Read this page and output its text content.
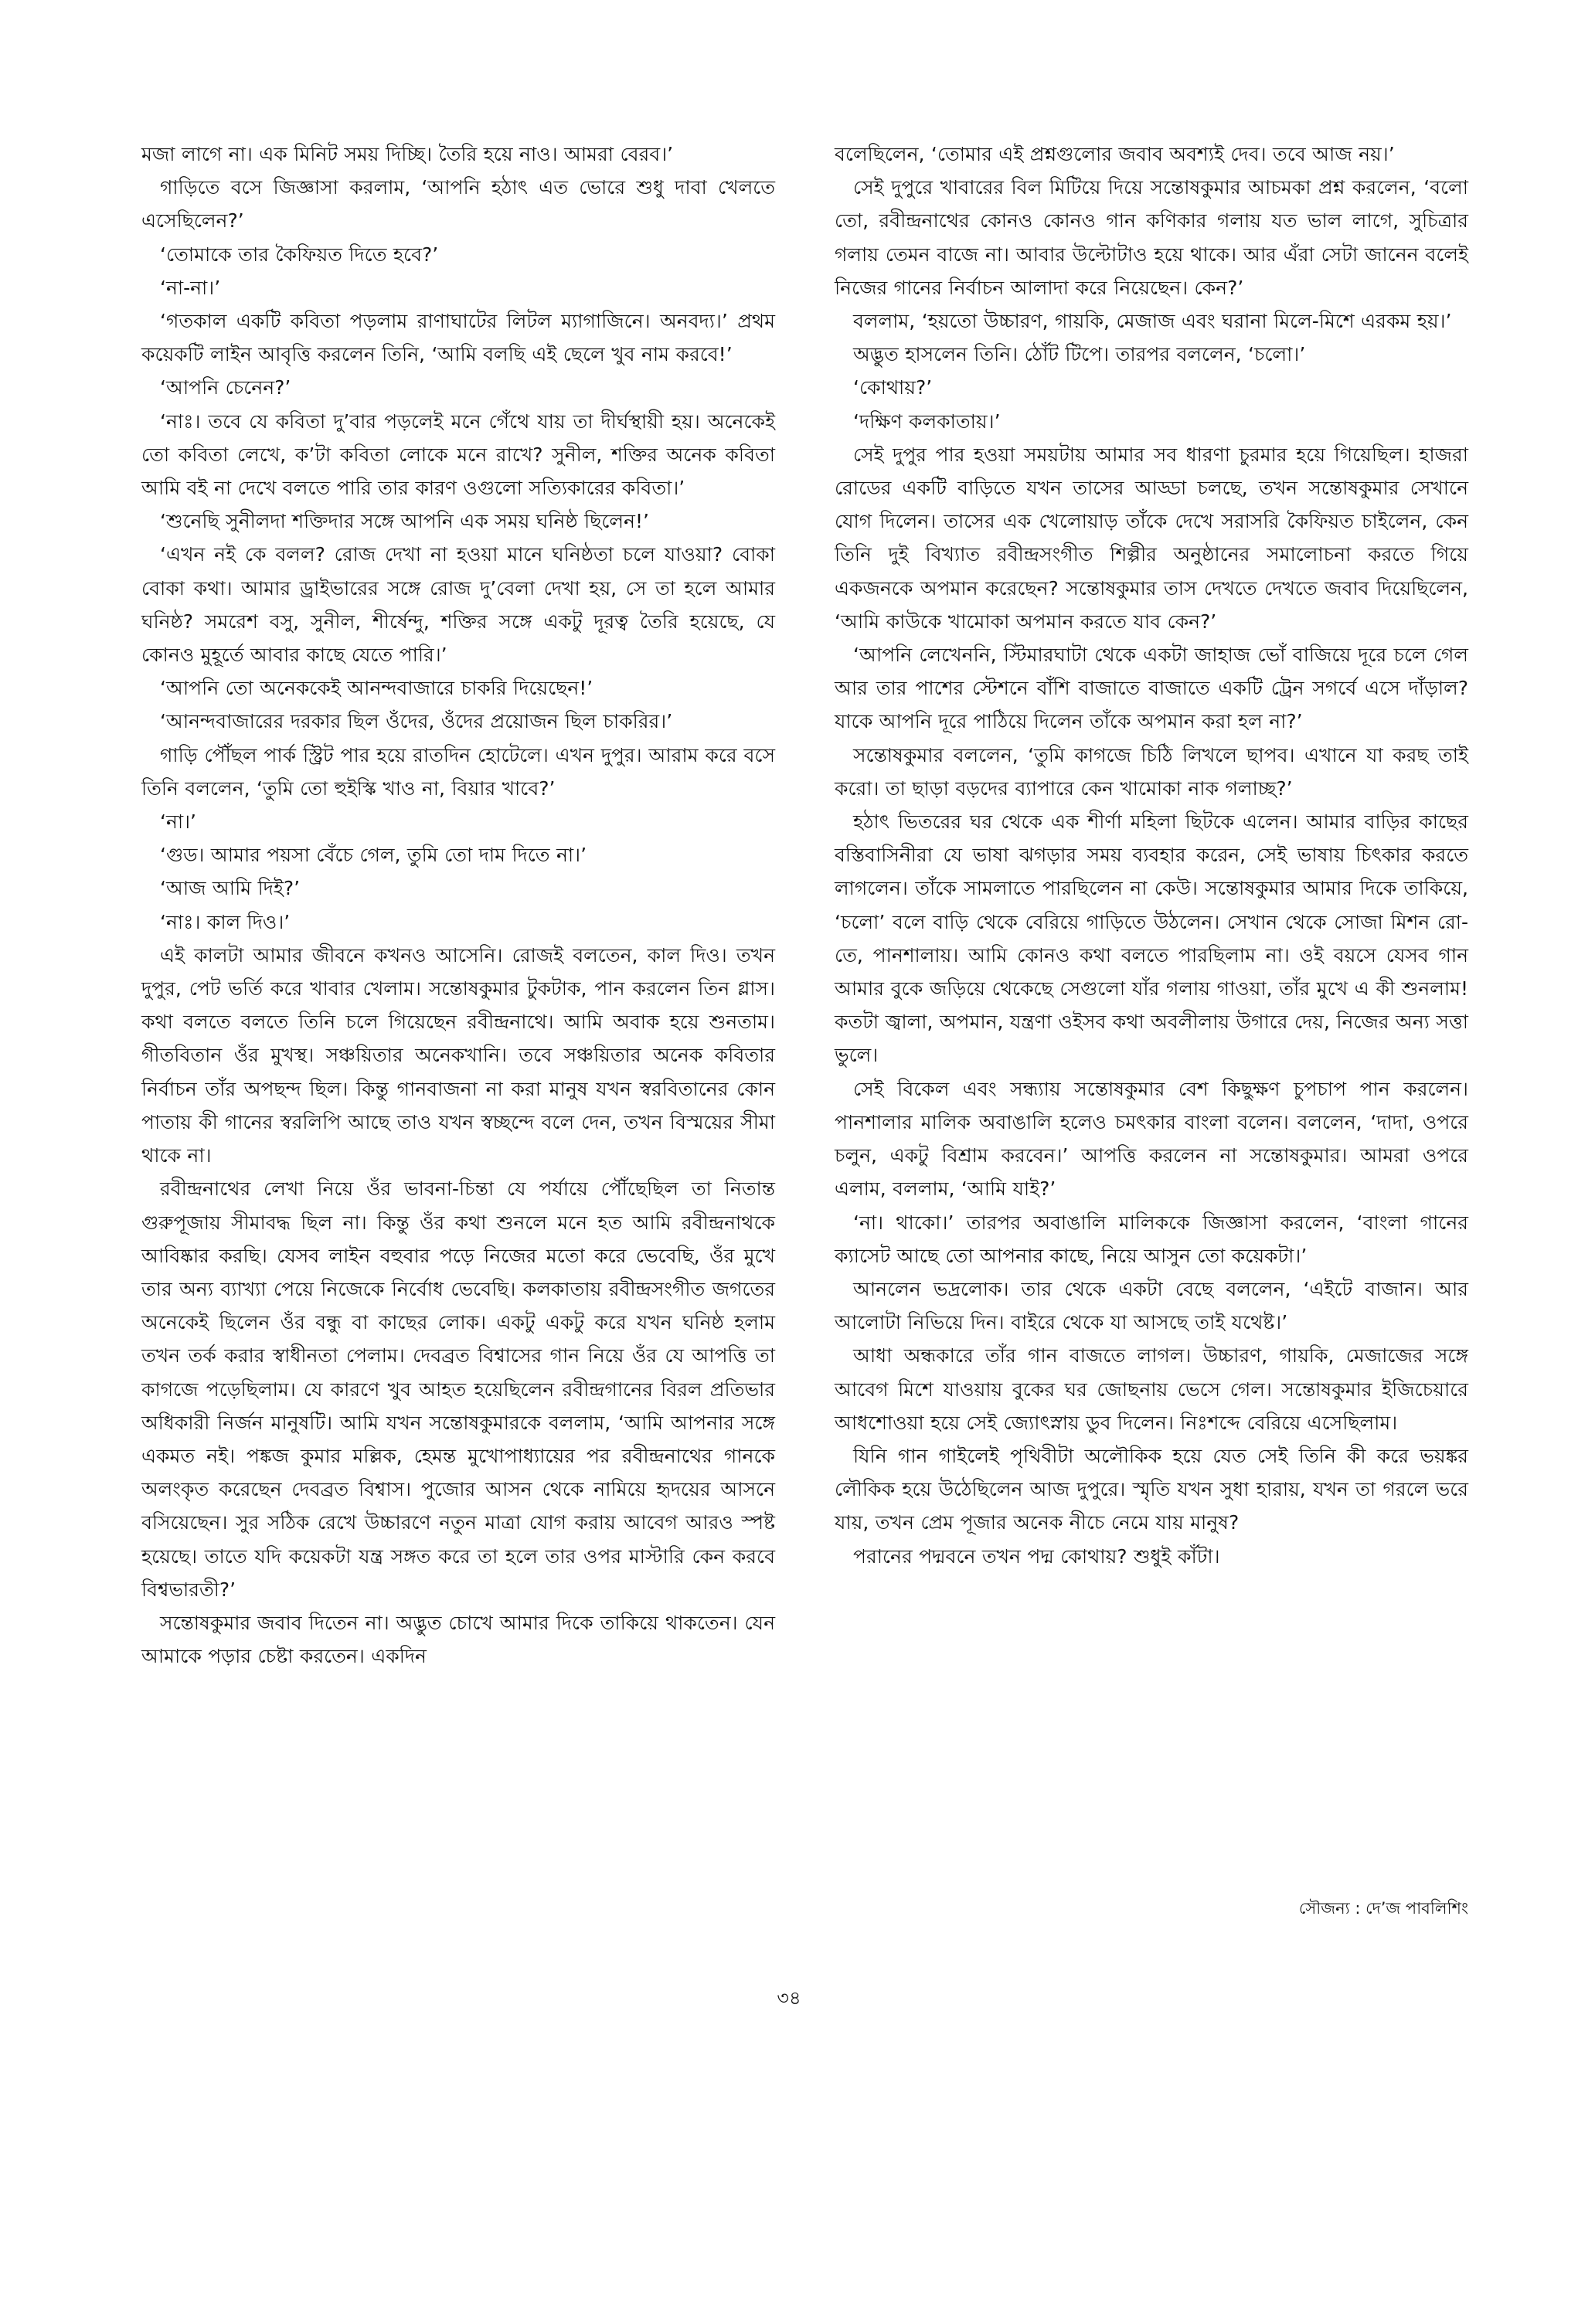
মজা লাগে না। এক মিনিট সময় দিচ্ছি। তৈরি হয়ে নাও। আমরা বেরব।’

গাড়িতে বসে জিজ্ঞাসা করলাম, ‘আপনি হঠাৎ এত ভোরে শুধু দাবা খেলতে এসেছিলেন?’

‘তোমাকে তার কৈফিয়ত দিতে হবে?’

‘না-না।’

‘গতকাল একটি কবিতা পড়লাম রাণাঘাটের লিটল ম্যাগাজিনে। অনবদ্য।’ প্রথম কয়েকটি লাইন আবৃত্তি করলেন তিনি, ‘আমি বলছি এই ছেলে খুব নাম করবে!’

‘আপনি চেনেন?’

‘নাঃ। তবে যে কবিতা দু’বার পড়লেই মনে গেঁথে যায় তা দীর্ঘস্থায়ী হয়। অনেকেই তো কবিতা লেখে, ক’টা কবিতা লোকে মনে রাখে? সুনীল, শক্তির অনেক কবিতা আমি বই না দেখে বলতে পারি তার কারণ ওগুলো সত্যিকারের কবিতা।’

‘শুনেছি সুনীলদা শক্তিদার সঙ্গে আপনি এক সময় ঘনিষ্ঠ ছিলেন!’

‘এখন নই কে বলল? রোজ দেখা না হওয়া মানে ঘনিষ্ঠতা চলে যাওয়া? বোকা বোকা কথা। আমার ড্রাইভারের সঙ্গে রোজ দু’বেলা দেখা হয়, সে তা হলে আমার ঘনিষ্ঠ? সমরেশ বসু, সুনীল, শীর্ষেন্দু, শক্তির সঙ্গে একটু দূরত্ব তৈরি হয়েছে, যে কোনও মুহূর্তে আবার কাছে যেতে পারি।’

‘আপনি তো অনেককেই আনন্দবাজারে চাকরি দিয়েছেন!’

‘আনন্দবাজারের দরকার ছিল ওঁদের, ওঁদের প্রয়োজন ছিল চাকরির।’

গাড়ি পৌঁছল পার্ক স্ট্রিট পার হয়ে রাতদিন হোটেলে। এখন দুপুর। আরাম করে বসে তিনি বললেন, ‘তুমি তো হুইস্কি খাও না, বিয়ার খাবে?’

‘না।’

‘গুড। আমার পয়সা বেঁচে গেল, তুমি তো দাম দিতে না।’

‘আজ আমি দিই?’

‘নাঃ। কাল দিও।’

এই কালটা আমার জীবনে কখনও আসেনি। রোজই বলতেন, কাল দিও। তখন দুপুর, পেট ভর্তি করে খাবার খেলাম। সন্তোষকুমার টুকটাক, পান করলেন তিন গ্লাস। কথা বলতে বলতে তিনি চলে গিয়েছেন রবীন্দ্রনাথে। আমি অবাক হয়ে শুনতাম। গীতবিতান ওঁর মুখস্থ। সঞ্চয়িতার অনেকখানি। তবে সঞ্চয়িতার অনেক কবিতার নির্বাচন তাঁর অপছন্দ ছিল। কিন্তু গানবাজনা না করা মানুষ যখন স্বরবিতানের কোন পাতায় কী গানের স্বরলিপি আছে তাও যখন স্বচ্ছন্দে বলে দেন, তখন বিস্ময়ের সীমা থাকে না।

রবীন্দ্রনাথের লেখা নিয়ে ওঁর ভাবনা-চিন্তা যে পর্যায়ে পৌঁছেছিল তা নিতান্ত গুরুপূজায় সীমাবদ্ধ ছিল না। কিন্তু ওঁর কথা শুনলে মনে হত আমি রবীন্দ্রনাথকে আবিষ্কার করছি। যেসব লাইন বহুবার পড়ে নিজের মতো করে ভেবেছি, ওঁর মুখে তার অন্য ব্যাখ্যা পেয়ে নিজেকে নির্বোধ ভেবেছি। কলকাতায় রবীন্দ্রসংগীত জগতের অনেকেই ছিলেন ওঁর বন্ধু বা কাছের লোক। একটু একটু করে যখন ঘনিষ্ঠ হলাম তখন তর্ক করার স্বাধীনতা পেলাম। দেবব্রত বিশ্বাসের গান নিয়ে ওঁর যে আপত্তি তা কাগজে পড়েছিলাম। যে কারণে খুব আহত হয়েছিলেন রবীন্দ্রগানের বিরল প্রতিভার অধিকারী নির্জন মানুষটি। আমি যখন সন্তোষকুমারকে বললাম, ‘আমি আপনার সঙ্গে একমত নই। পঙ্কজ কুমার মল্লিক, হেমন্ত মুখোপাধ্যায়ের পর রবীন্দ্রনাথের গানকে অলংকৃত করেছেন দেবব্রত বিশ্বাস। পুজোর আসন থেকে নামিয়ে হৃদয়ের আসনে বসিয়েছেন। সুর সঠিক রেখে উচ্চারণে নতুন মাত্রা যোগ করায় আবেগ আরও স্পষ্ট হয়েছে। তাতে যদি কয়েকটা যন্ত্র সঙ্গত করে তা হলে তার ওপর মাস্টারি কেন করবে বিশ্বভারতী?’

সন্তোষকুমার জবাব দিতেন না। অদ্ভুত চোখে আমার দিকে তাকিয়ে থাকতেন। যেন আমাকে পড়ার চেষ্টা করতেন। একদিন

বলেছিলেন, ‘তোমার এই প্রশ্নগুলোর জবাব অবশ্যই দেব। তবে আজ নয়।’

সেই দুপুরে খাবারের বিল মিটিয়ে দিয়ে সন্তোষকুমার আচমকা প্রশ্ন করলেন, ‘বলো তো, রবীন্দ্রনাথের কোনও কোনও গান কণিকার গলায় যত ভাল লাগে, সুচিত্রার গলায় তেমন বাজে না। আবার উল্টোটাও হয়ে থাকে। আর এঁরা সেটা জানেন বলেই নিজের গানের নির্বাচন আলাদা করে নিয়েছেন। কেন?’

বললাম, ‘হয়তো উচ্চারণ, গায়কি, মেজাজ এবং ঘরানা মিলে-মিশে এরকম হয়।’

অদ্ভুত হাসলেন তিনি। ঠোঁট টিপে। তারপর বললেন, ‘চলো।’

‘কোথায়?’

‘দক্ষিণ কলকাতায়।’

সেই দুপুর পার হওয়া সময়টায় আমার সব ধারণা চুরমার হয়ে গিয়েছিল। হাজরা রোডের একটি বাড়িতে যখন তাসের আড্ডা চলছে, তখন সন্তোষকুমার সেখানে যোগ দিলেন। তাসের এক খেলোয়াড় তাঁকে দেখে সরাসরি কৈফিয়ত চাইলেন, কেন তিনি দুই বিখ্যাত রবীন্দ্রসংগীত শিল্পীর অনুষ্ঠানের সমালোচনা করতে গিয়ে একজনকে অপমান করেছেন? সন্তোষকুমার তাস দেখতে দেখতে জবাব দিয়েছিলেন, ‘আমি কাউকে খামোকা অপমান করতে যাব কেন?’

‘আপনি লেখেননি, স্টিমারঘাটা থেকে একটা জাহাজ ভোঁ বাজিয়ে দূরে চলে গেল আর তার পাশের স্টেশনে বাঁশি বাজাতে বাজাতে একটি ট্রেন সগর্বে এসে দাঁড়াল? যাকে আপনি দূরে পাঠিয়ে দিলেন তাঁকে অপমান করা হল না?’

সন্তোষকুমার বললেন, ‘তুমি কাগজে চিঠি লিখলে ছাপব। এখানে যা করছ তাই করো। তা ছাড়া বড়দের ব্যাপারে কেন খামোকা নাক গলাচ্ছ?’

হঠাৎ ভিতরের ঘর থেকে এক শীর্ণা মহিলা ছিটকে এলেন। আমার বাড়ির কাছের বস্তিবাসিনীরা যে ভাষা ঝগড়ার সময় ব্যবহার করেন, সেই ভাষায় চিৎকার করতে লাগলেন। তাঁকে সামলাতে পারছিলেন না কেউ। সন্তোষকুমার আমার দিকে তাকিয়ে, ‘চলো’ বলে বাড়ি থেকে বেরিয়ে গাড়িতে উঠলেন। সেখান থেকে সোজা মিশন রো-তে, পানশালায়। আমি কোনও কথা বলতে পারছিলাম না। ওই বয়সে যেসব গান আমার বুকে জড়িয়ে থেকেছে সেগুলো যাঁর গলায় গাওয়া, তাঁর মুখে এ কী শুনলাম! কতটা জ্বালা, অপমান, যন্ত্রণা ওইসব কথা অবলীলায় উগারে দেয়, নিজের অন্য সত্তা ভুলে।

সেই বিকেল এবং সন্ধ্যায় সন্তোষকুমার বেশ কিছুক্ষণ চুপচাপ পান করলেন। পানশালার মালিক অবাঙালি হলেও চমৎকার বাংলা বলেন। বললেন, ‘দাদা, ওপরে চলুন, একটু বিশ্রাম করবেন।’ আপত্তি করলেন না সন্তোষকুমার। আমরা ওপরে এলাম, বললাম, ‘আমি যাই?’

‘না। থাকো।’ তারপর অবাঙালি মালিককে জিজ্ঞাসা করলেন, ‘বাংলা গানের ক্যাসেট আছে তো আপনার কাছে, নিয়ে আসুন তো কয়েকটা।’

আনলেন ভদ্রলোক। তার থেকে একটা বেছে বললেন, ‘এইটে বাজান। আর আলোটা নিভিয়ে দিন। বাইরে থেকে যা আসছে তাই যথেষ্ট।’

আধা অন্ধকারে তাঁর গান বাজতে লাগল। উচ্চারণ, গায়কি, মেজাজের সঙ্গে আবেগ মিশে যাওয়ায় বুকের ঘর জোছনায় ভেসে গেল। সন্তোষকুমার ইজিচেয়ারে আধশোওয়া হয়ে সেই জ্যোৎস্নায় ডুব দিলেন। নিঃশব্দে বেরিয়ে এসেছিলাম।

যিনি গান গাইলেই পৃথিবীটা অলৌকিক হয়ে যেত সেই তিনি কী করে ভয়ঙ্কর লৌকিক হয়ে উঠেছিলেন আজ দুপুরে। স্মৃতি যখন সুধা হারায়, যখন তা গরলে ভরে যায়, তখন প্রেম পূজার অনেক নীচে নেমে যায় মানুষ?

পরানের পদ্মবনে তখন পদ্ম কোথায়? শুধুই কাঁটা।

সৌজন্য : দে’জ পাবলিশিং
৩৪
